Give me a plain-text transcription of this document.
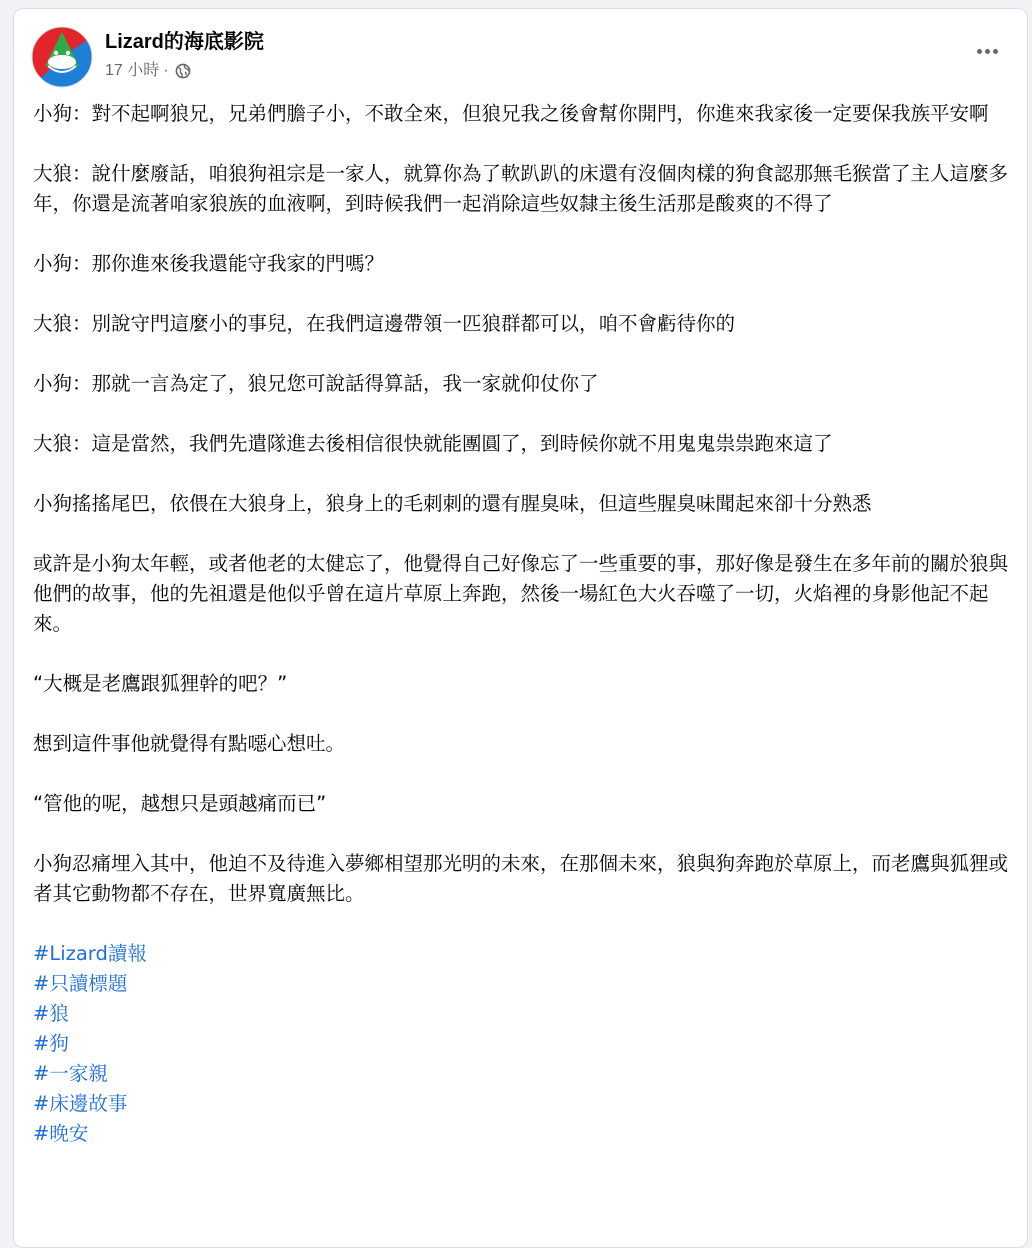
Lizard的海底影院
17 小時 ·

小狗：對不起啊狼兄，兄弟們膽子小，不敢全來，但狼兄我之後會幫你開門，你進來我家後一定要保我族平安啊

大狼：說什麼廢話，咱狼狗祖宗是一家人，就算你為了軟趴趴的床還有沒個肉樣的狗食認那無毛猴當了主人這麼多年，你還是流著咱家狼族的血液啊，到時候我們一起消除這些奴隸主後生活那是酸爽的不得了

小狗：那你進來後我還能守我家的門嗎？

大狼：別說守門這麼小的事兒，在我們這邊帶領一匹狼群都可以，咱不會虧待你的

小狗：那就一言為定了，狼兄您可說話得算話，我一家就仰仗你了

大狼：這是當然，我們先遣隊進去後相信很快就能團圓了，到時候你就不用鬼鬼祟祟跑來這了

小狗搖搖尾巴，依偎在大狼身上，狼身上的毛刺刺的還有腥臭味，但這些腥臭味聞起來卻十分熟悉

或許是小狗太年輕，或者他老的太健忘了，他覺得自己好像忘了一些重要的事，那好像是發生在多年前的關於狼與他們的故事，他的先祖還是他似乎曾在這片草原上奔跑，然後一場紅色大火吞噬了一切，火焰裡的身影他記不起來。

“大概是老鷹跟狐狸幹的吧？”

想到這件事他就覺得有點噁心想吐。

“管他的呢，越想只是頭越痛而已”

小狗忍痛埋入其中，他迫不及待進入夢鄉相望那光明的未來，在那個未來，狼與狗奔跑於草原上，而老鷹與狐狸或者其它動物都不存在，世界寬廣無比。

#Lizard讀報
#只讀標題
#狼
#狗
#一家親
#床邊故事
#晚安
